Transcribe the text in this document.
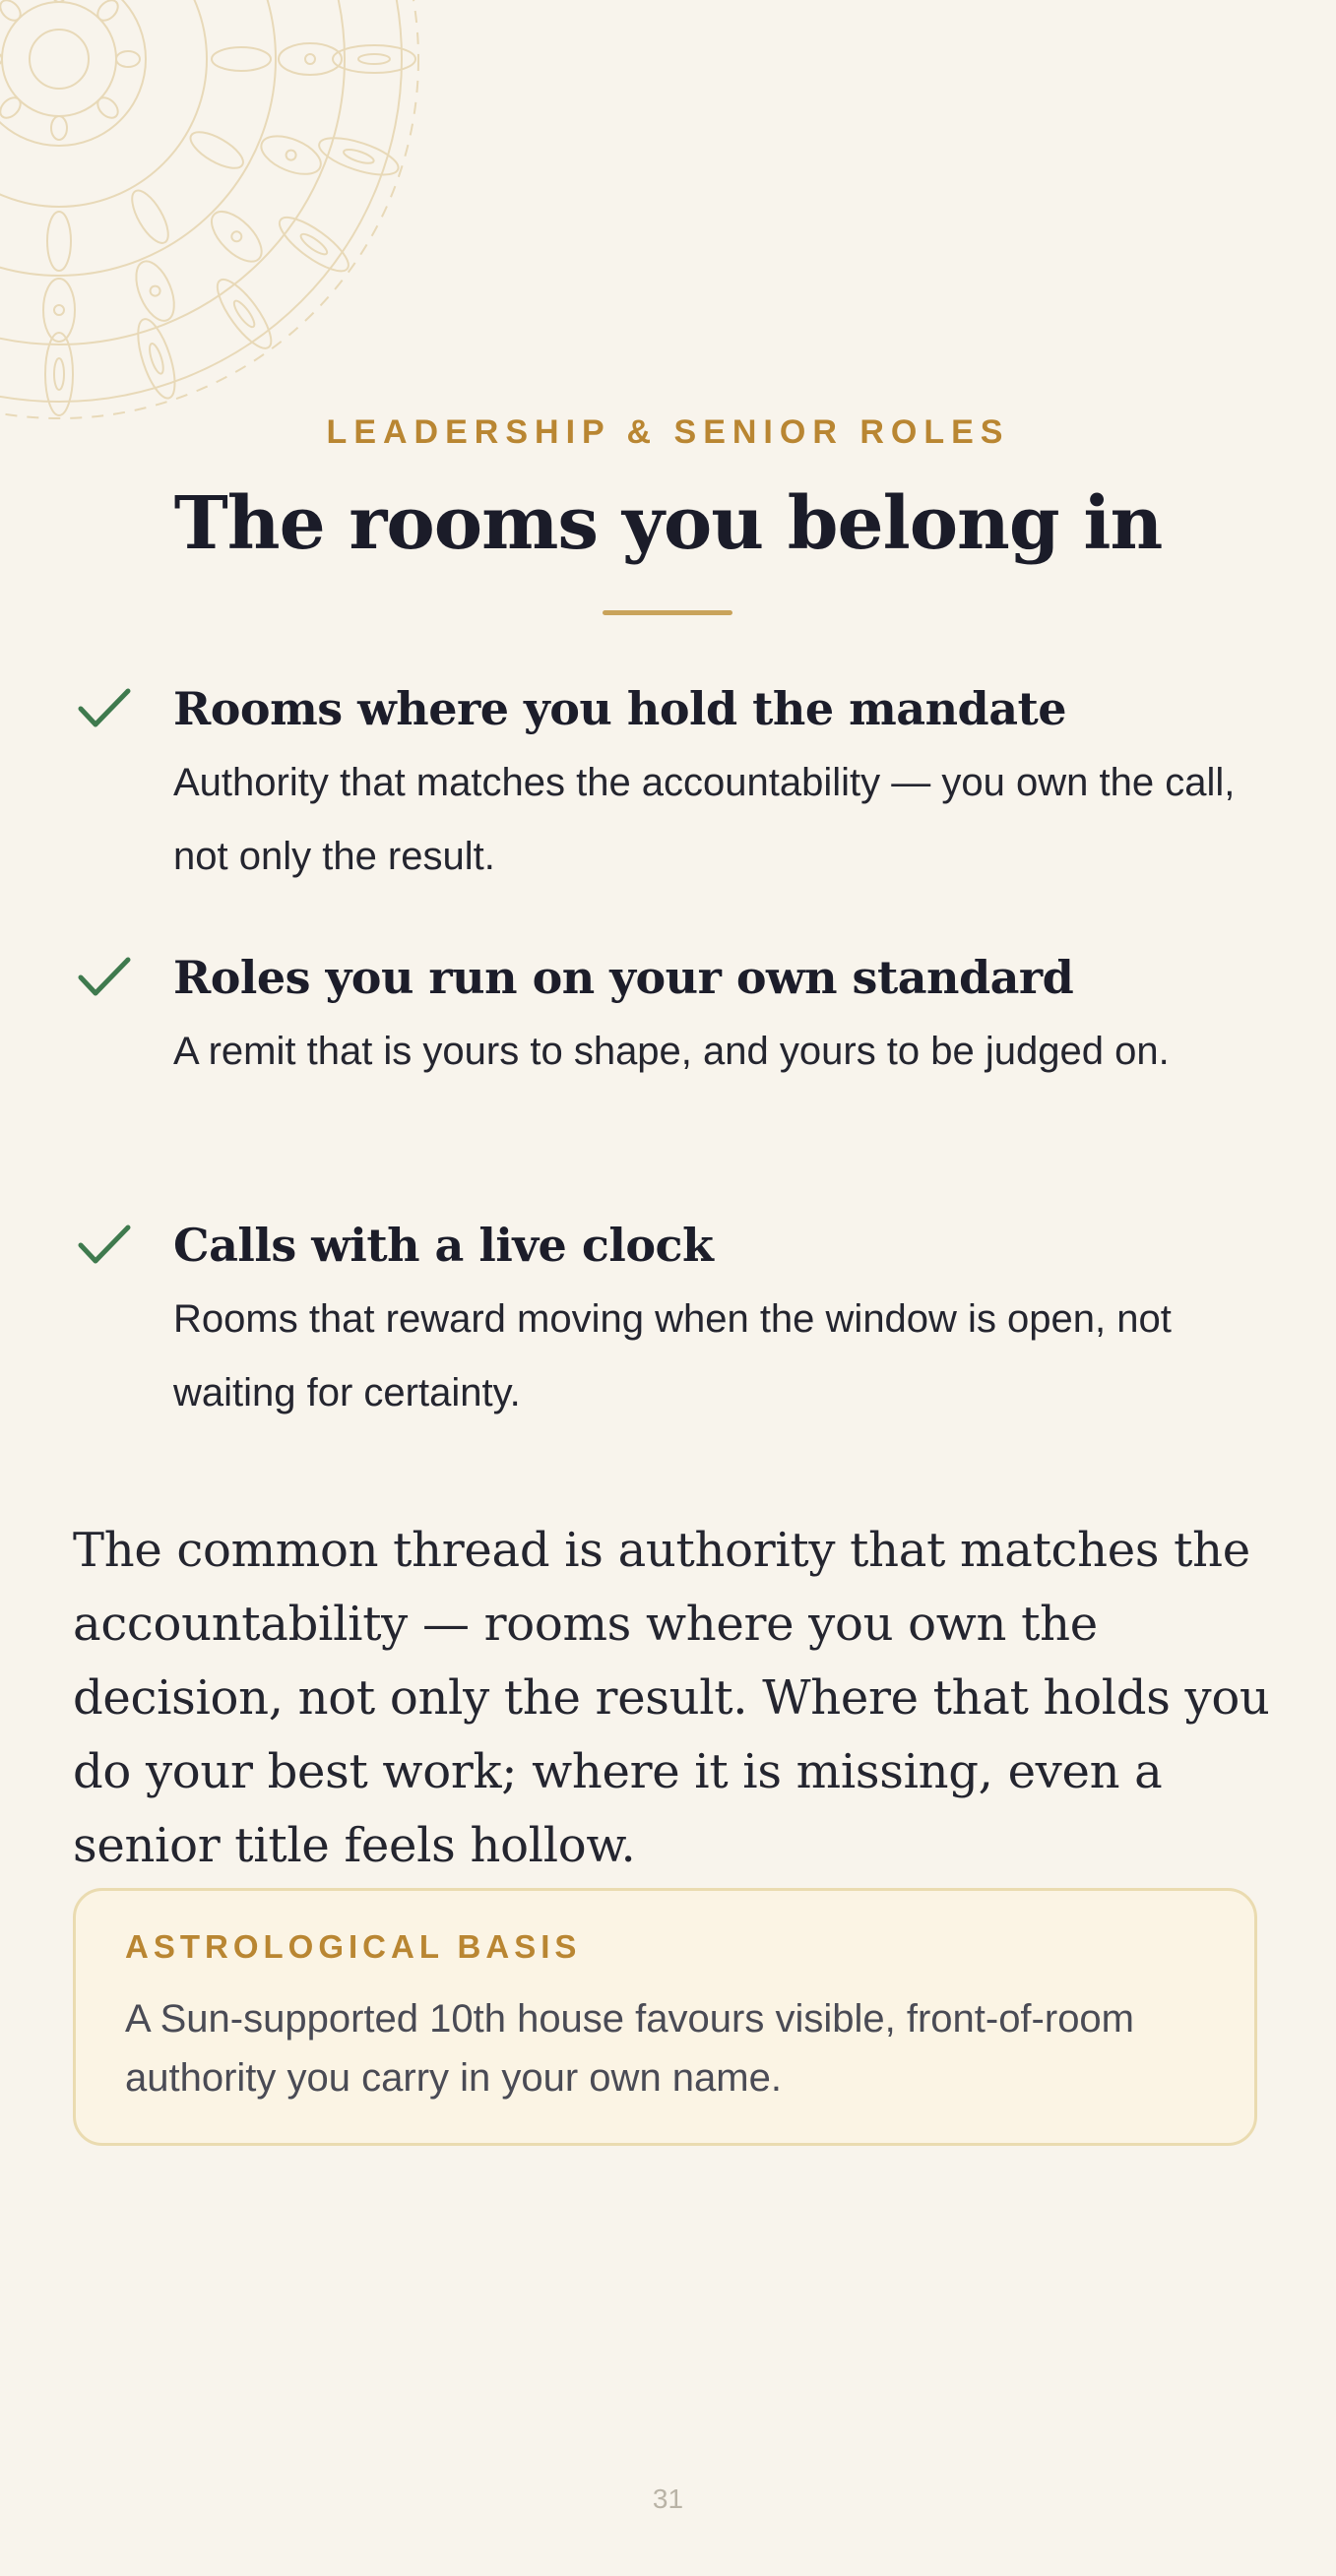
LEADERSHIP & SENIOR ROLES
The rooms you belong in
Rooms where you hold the mandate
Authority that matches the accountability — you own the call, not only the result.
Roles you run on your own standard
A remit that is yours to shape, and yours to be judged on.
Calls with a live clock
Rooms that reward moving when the window is open, not waiting for certainty.

The common thread is authority that matches the accountability — rooms where you own the decision, not only the result. Where that holds you do your best work; where it is missing, even a senior title feels hollow.

ASTROLOGICAL BASIS
A Sun-supported 10th house favours visible, front-of-room authority you carry in your own name.
31
